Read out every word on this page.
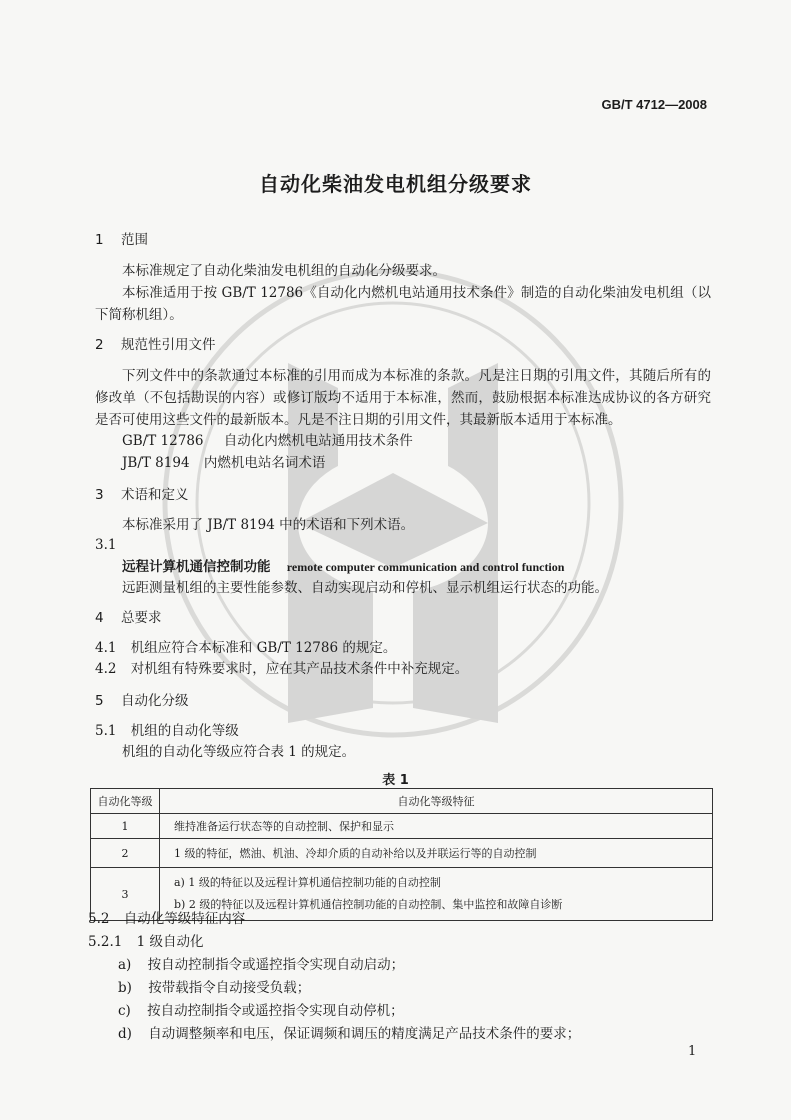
GB/T 4712—2008
自动化柴油发电机组分级要求
1 范围
本标准规定了自动化柴油发电机组的自动化分级要求。
本标准适用于按 GB/T 12786《自动化内燃机电站通用技术条件》制造的自动化柴油发电机组（以下简称机组）。
2 规范性引用文件
下列文件中的条款通过本标准的引用而成为本标准的条款。凡是注日期的引用文件，其随后所有的修改单（不包括勘误的内容）或修订版均不适用于本标准，然而，鼓励根据本标准达成协议的各方研究是否可使用这些文件的最新版本。凡是不注日期的引用文件，其最新版本适用于本标准。
GB/T 12786 自动化内燃机电站通用技术条件
JB/T 8194 内燃机电站名词术语
3 术语和定义
本标准采用了 JB/T 8194 中的术语和下列术语。
3.1
远程计算机通信控制功能 remote computer communication and control function
远距测量机组的主要性能参数、自动实现启动和停机、显示机组运行状态的功能。
4 总要求
4.1 机组应符合本标准和 GB/T 12786 的规定。
4.2 对机组有特殊要求时，应在其产品技术条件中补充规定。
5 自动化分级
5.1 机组的自动化等级
机组的自动化等级应符合表 1 的规定。
表 1
自动化等级	自动化等级特征
1	维持准备运行状态等的自动控制、保护和显示
2	1 级的特征，燃油、机油、冷却介质的自动补给以及并联运行等的自动控制
3	a) 1 级的特征以及远程计算机通信控制功能的自动控制
b) 2 级的特征以及远程计算机通信控制功能的自动控制、集中监控和故障自诊断
5.2 自动化等级特征内容
5.2.1 1 级自动化
a) 按自动控制指令或遥控指令实现自动启动；
b) 按带载指令自动接受负载；
c) 按自动控制指令或遥控指令实现自动停机；
d) 自动调整频率和电压，保证调频和调压的精度满足产品技术条件的要求；
1
